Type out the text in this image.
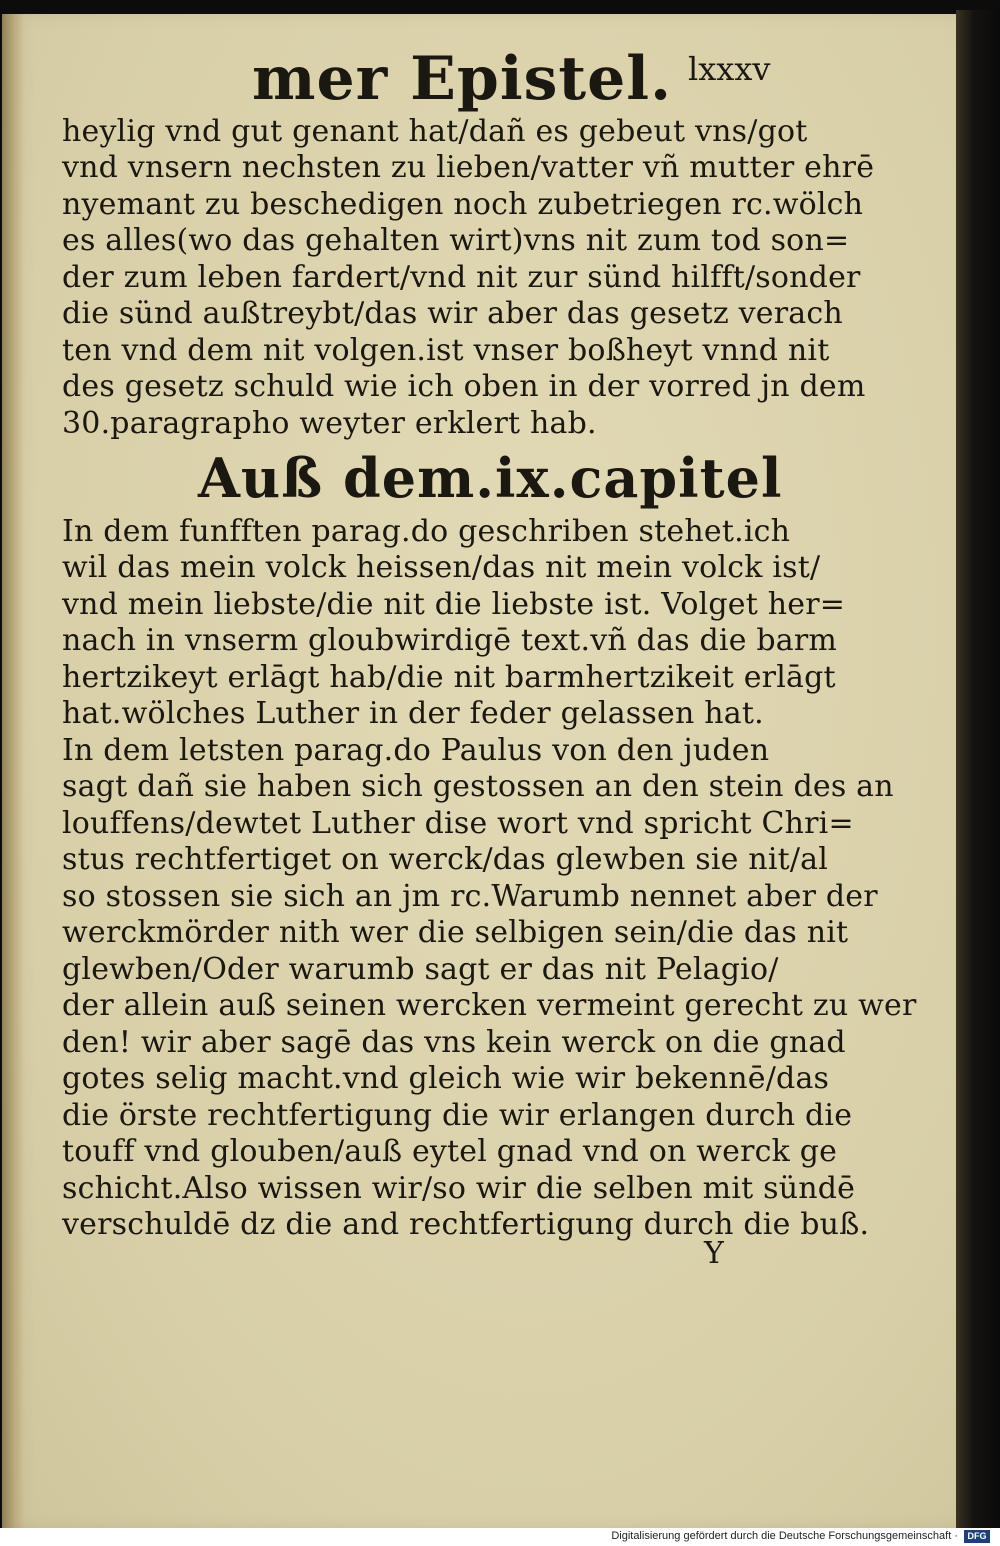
mer Epistel. lxxxv
heylig vnd gut genant hat/dañ es gebeut vns/got
vnd vnsern nechsten zu lieben/vatter vñ mutter ehrē
nyemant zu beschedigen noch zubetriegen rc.wölch
es alles(wo das gehalten wirt)vns nit zum tod son=
der zum leben fardert/vnd nit zur sünd hilfft/sonder
die sünd außtreybt/das wir aber das gesetz verach
ten vnd dem nit volgen.ist vnser boßheyt vnnd nit
des gesetz schuld wie ich oben in der vorred jn dem
30.paragrapho weyter erklert hab.
Auß dem.ix.capitel
In dem funfften parag.do geschriben stehet.ich
wil das mein volck heissen/das nit mein volck ist/
vnd mein liebste/die nit die liebste ist. Volget her=
nach in vnserm gloubwirdigē text.vñ das die barm
hertzikeyt erlāgt hab/die nit barmhertzikeit erlāgt
hat.wölches Luther in der feder gelassen hat.
In dem letsten parag.do Paulus von den juden
sagt dañ sie haben sich gestossen an den stein des an
louffens/dewtet Luther dise wort vnd spricht Chri=
stus rechtfertiget on werck/das glewben sie nit/al
so stossen sie sich an jm rc.Warumb nennet aber der
werckmörder nith wer die selbigen sein/die das nit
glewben/Oder warumb sagt er das nit Pelagio/
der allein auß seinen wercken vermeint gerecht zu wer
den! wir aber sagē das vns kein werck on die gnad
gotes selig macht.vnd gleich wie wir bekennē/das
die örste rechtfertigung die wir erlangen durch die
touff vnd glouben/auß eytel gnad vnd on werck ge
schicht.Also wissen wir/so wir die selben mit sündē
verschuldē dz die and rechtfertigung durch die buß.
Y
Digitalisierung gefördert durch die Deutsche Forschungsgemeinschaft ·	DFG
